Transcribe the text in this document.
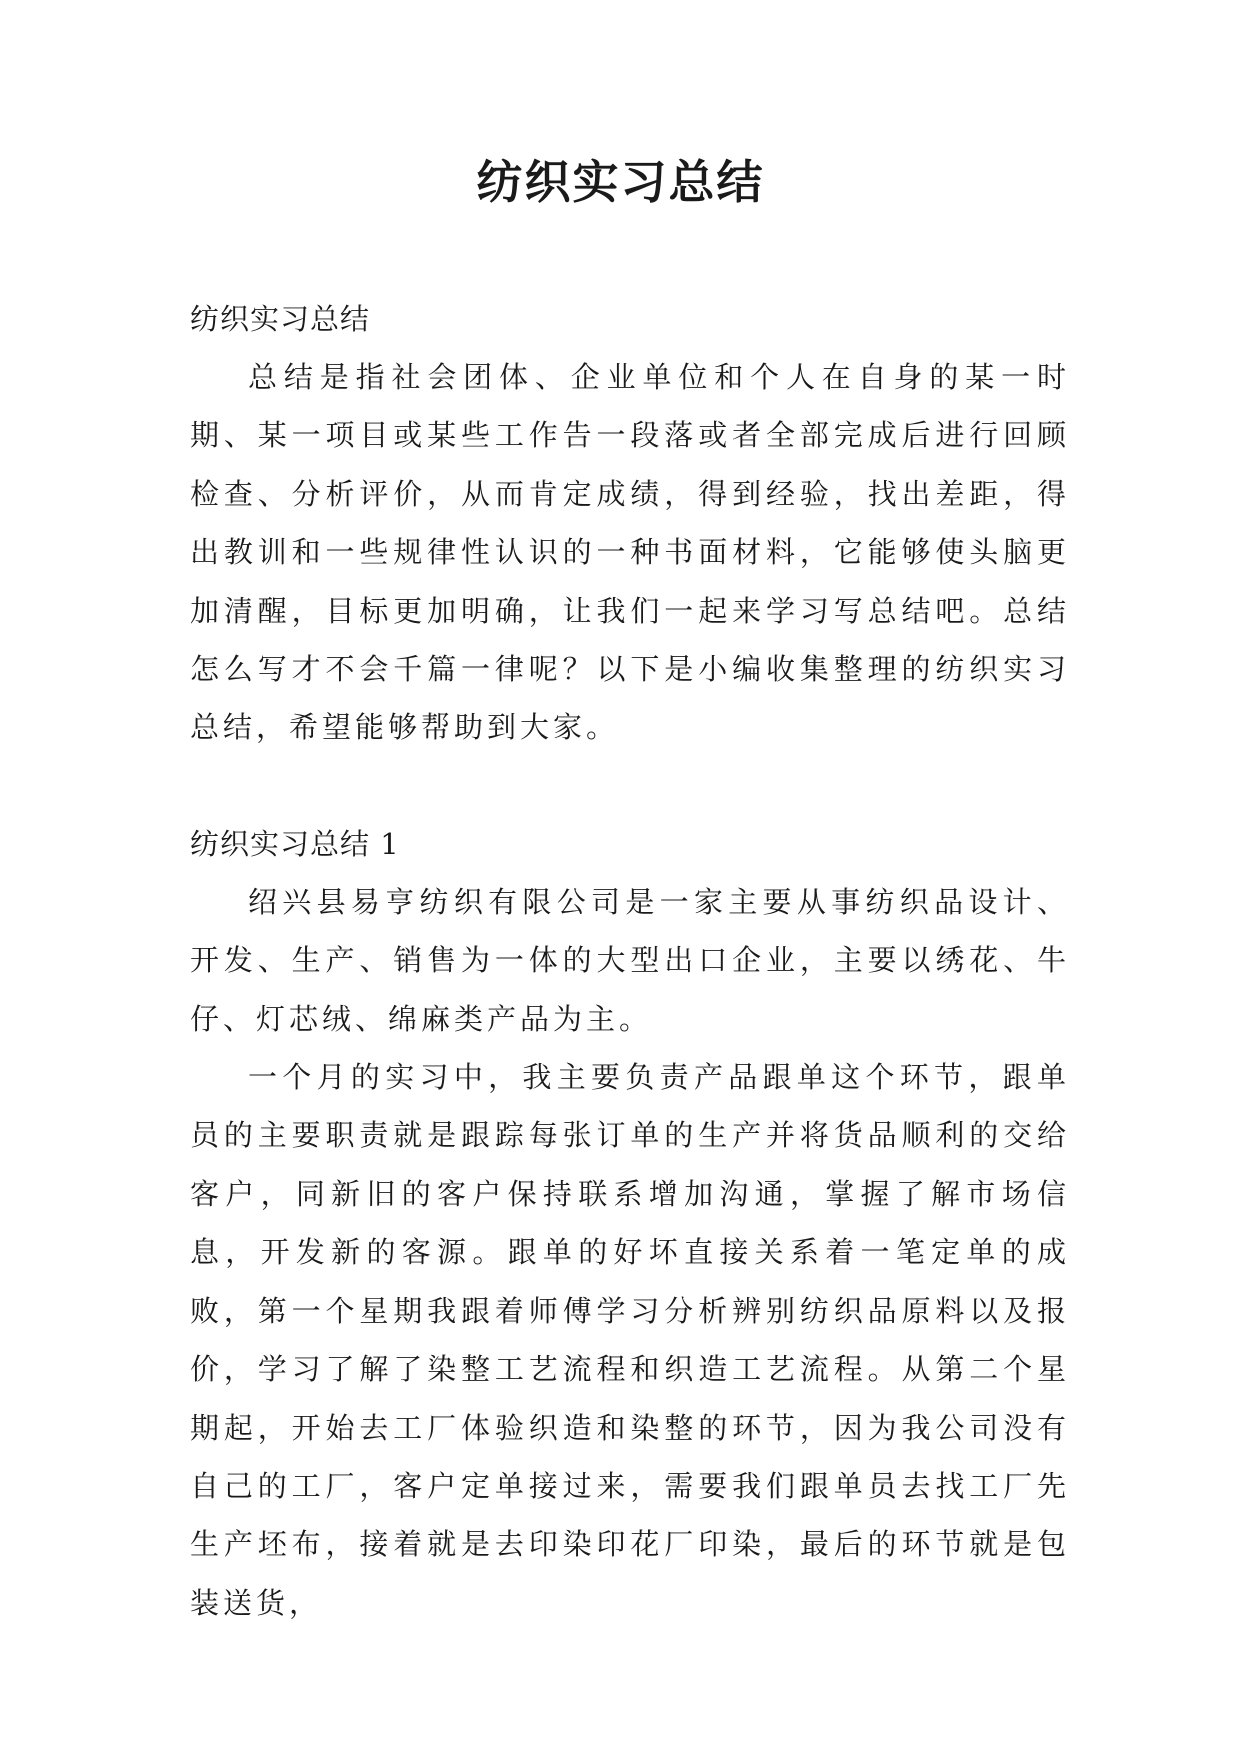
纺织实习总结

纺织实习总结

总结是指社会团体、企业单位和个人在自身的某一时期、某一项目或某些工作告一段落或者全部完成后进行回顾检查、分析评价，从而肯定成绩，得到经验，找出差距，得出教训和一些规律性认识的一种书面材料，它能够使头脑更加清醒，目标更加明确，让我们一起来学习写总结吧。总结怎么写才不会千篇一律呢？以下是小编收集整理的纺织实习总结，希望能够帮助到大家。

纺织实习总结 1

绍兴县易亨纺织有限公司是一家主要从事纺织品设计、开发、生产、销售为一体的大型出口企业，主要以绣花、牛仔、灯芯绒、绵麻类产品为主。

一个月的实习中，我主要负责产品跟单这个环节，跟单员的主要职责就是跟踪每张订单的生产并将货品顺利的交给客户，同新旧的客户保持联系增加沟通，掌握了解市场信息，开发新的客源。跟单的好坏直接关系着一笔定单的成败，第一个星期我跟着师傅学习分析辨别纺织品原料以及报价，学习了解了染整工艺流程和织造工艺流程。从第二个星期起，开始去工厂体验织造和染整的环节，因为我公司没有自己的工厂，客户定单接过来，需要我们跟单员去找工厂先生产坯布，接着就是去印染印花厂印染，最后的环节就是包装送货，
